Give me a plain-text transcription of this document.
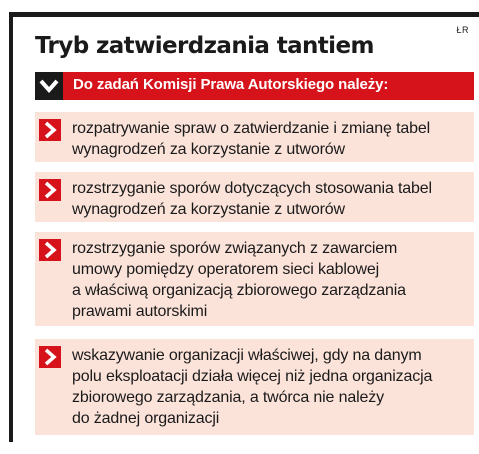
ŁR
Tryb zatwierdzania tantiem
Do zadań Komisji Prawa Autorskiego należy:
rozpatrywanie spraw o zatwierdzanie i zmianę tabel
wynagrodzeń za korzystanie z utworów
rozstrzyganie sporów dotyczących stosowania tabel
wynagrodzeń za korzystanie z utworów
rozstrzyganie sporów związanych z zawarciem
umowy pomiędzy operatorem sieci kablowej
a właściwą organizacją zbiorowego zarządzania
prawami autorskimi
wskazywanie organizacji właściwej, gdy na danym
polu eksploatacji działa więcej niż jedna organizacja
zbiorowego zarządzania, a twórca nie należy
do żadnej organizacji
